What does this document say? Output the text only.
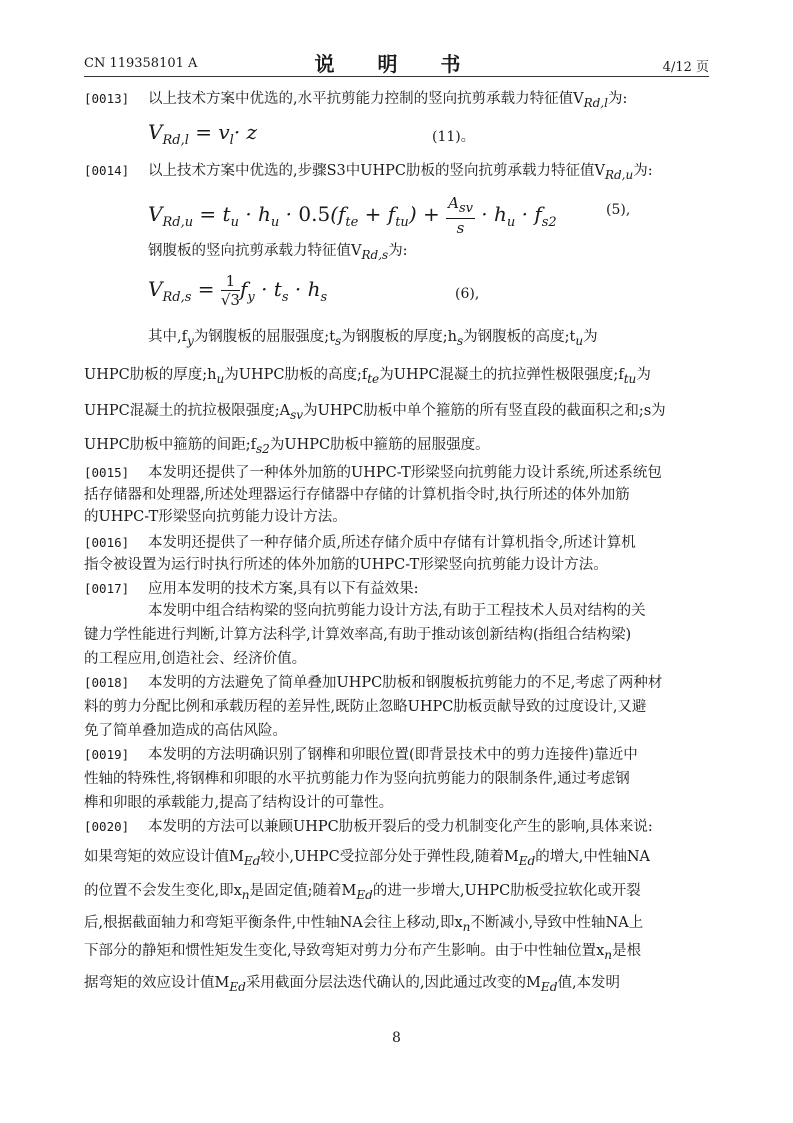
CN 119358101 A	说 明 书	4/12 页
[0013] 以上技术方案中优选的,水平抗剪能力控制的竖向抗剪承载力特征值$V_{Rd,l}$为:
$V_{Rd,l} = v_l\cdot z$	(11)。
[0014] 以上技术方案中优选的,步骤S3中UHPC肋板的竖向抗剪承载力特征值$V_{Rd,u}$为:
$V_{Rd,u} = t_u \cdot h_u \cdot 0.5(f_{te} + f_{tu}) + \frac{A_{sv}}{s} \cdot h_u \cdot f_{s2}$
(5),
钢腹板的竖向抗剪承载力特征值$V_{Rd,s}$为:
$V_{Rd,s} = \frac{1}{√3} f_y \cdot t_s \cdot h_s$	(6),
其中$,f_y$为钢腹板的屈服强度$;t_s$为钢腹板的厚度$;h_s$为钢腹板的高度$;t_u$为
UHPC肋板的厚度$;h_u$为UHPC肋板的高度$;f_{te}$为UHPC混凝土的抗拉弹性极限强度$;f_{tu}$为
UHPC混凝土的抗拉极限强度$;A_{sv}$为UHPC肋板中单个箍筋的所有竖直段的截面积之和;s为
UHPC肋板中箍筋的间距$;f_{s2}$为UHPC肋板中箍筋的屈服强度。
[0015] 本发明还提供了一种体外加筋的UHPC-T形梁竖向抗剪能力设计系统,所述系统包
括存储器和处理器,所述处理器运行存储器中存储的计算机指令时,执行所述的体外加筋
的UHPC-T形梁竖向抗剪能力设计方法。
[0016] 本发明还提供了一种存储介质,所述存储介质中存储有计算机指令,所述计算机
指令被设置为运行时执行所述的体外加筋的UHPC-T形梁竖向抗剪能力设计方法。
[0017] 应用本发明的技术方案,具有以下有益效果:
本发明中组合结构梁的竖向抗剪能力设计方法,有助于工程技术人员对结构的关
键力学性能进行判断,计算方法科学,计算效率高,有助于推动该创新结构(指组合结构梁)
的工程应用,创造社会、经济价值。
[0018] 本发明的方法避免了简单叠加UHPC肋板和钢腹板抗剪能力的不足,考虑了两种材
料的剪力分配比例和承载历程的差异性,既防止忽略UHPC肋板贡献导致的过度设计,又避
免了简单叠加造成的高估风险。
[0019] 本发明的方法明确识别了钢榫和卯眼位置(即背景技术中的剪力连接件)靠近中
性轴的特殊性,将钢榫和卯眼的水平抗剪能力作为竖向抗剪能力的限制条件,通过考虑钢
榫和卯眼的承载能力,提高了结构设计的可靠性。
[0020] 本发明的方法可以兼顾UHPC肋板开裂后的受力机制变化产生的影响,具体来说:
如果弯矩的效应设计值$M_{Ed}$较小,UHPC受拉部分处于弹性段,随着$M_{Ed}$的增大,中性轴NA
的位置不会发生变化,即$x_n$是固定值;随着$M_{Ed}$的进一步增大,UHPC肋板受拉软化或开裂
后,根据截面轴力和弯矩平衡条件,中性轴NA会往上移动,即$x_n$不断减小,导致中性轴NA上
下部分的静矩和惯性矩发生变化,导致弯矩对剪力分布产生影响。由于中性轴位置$x_n$是根
据弯矩的效应设计值$M_{Ed}$采用截面分层法迭代确认的,因此通过改变的$M_{Ed}$值,本发明
8
